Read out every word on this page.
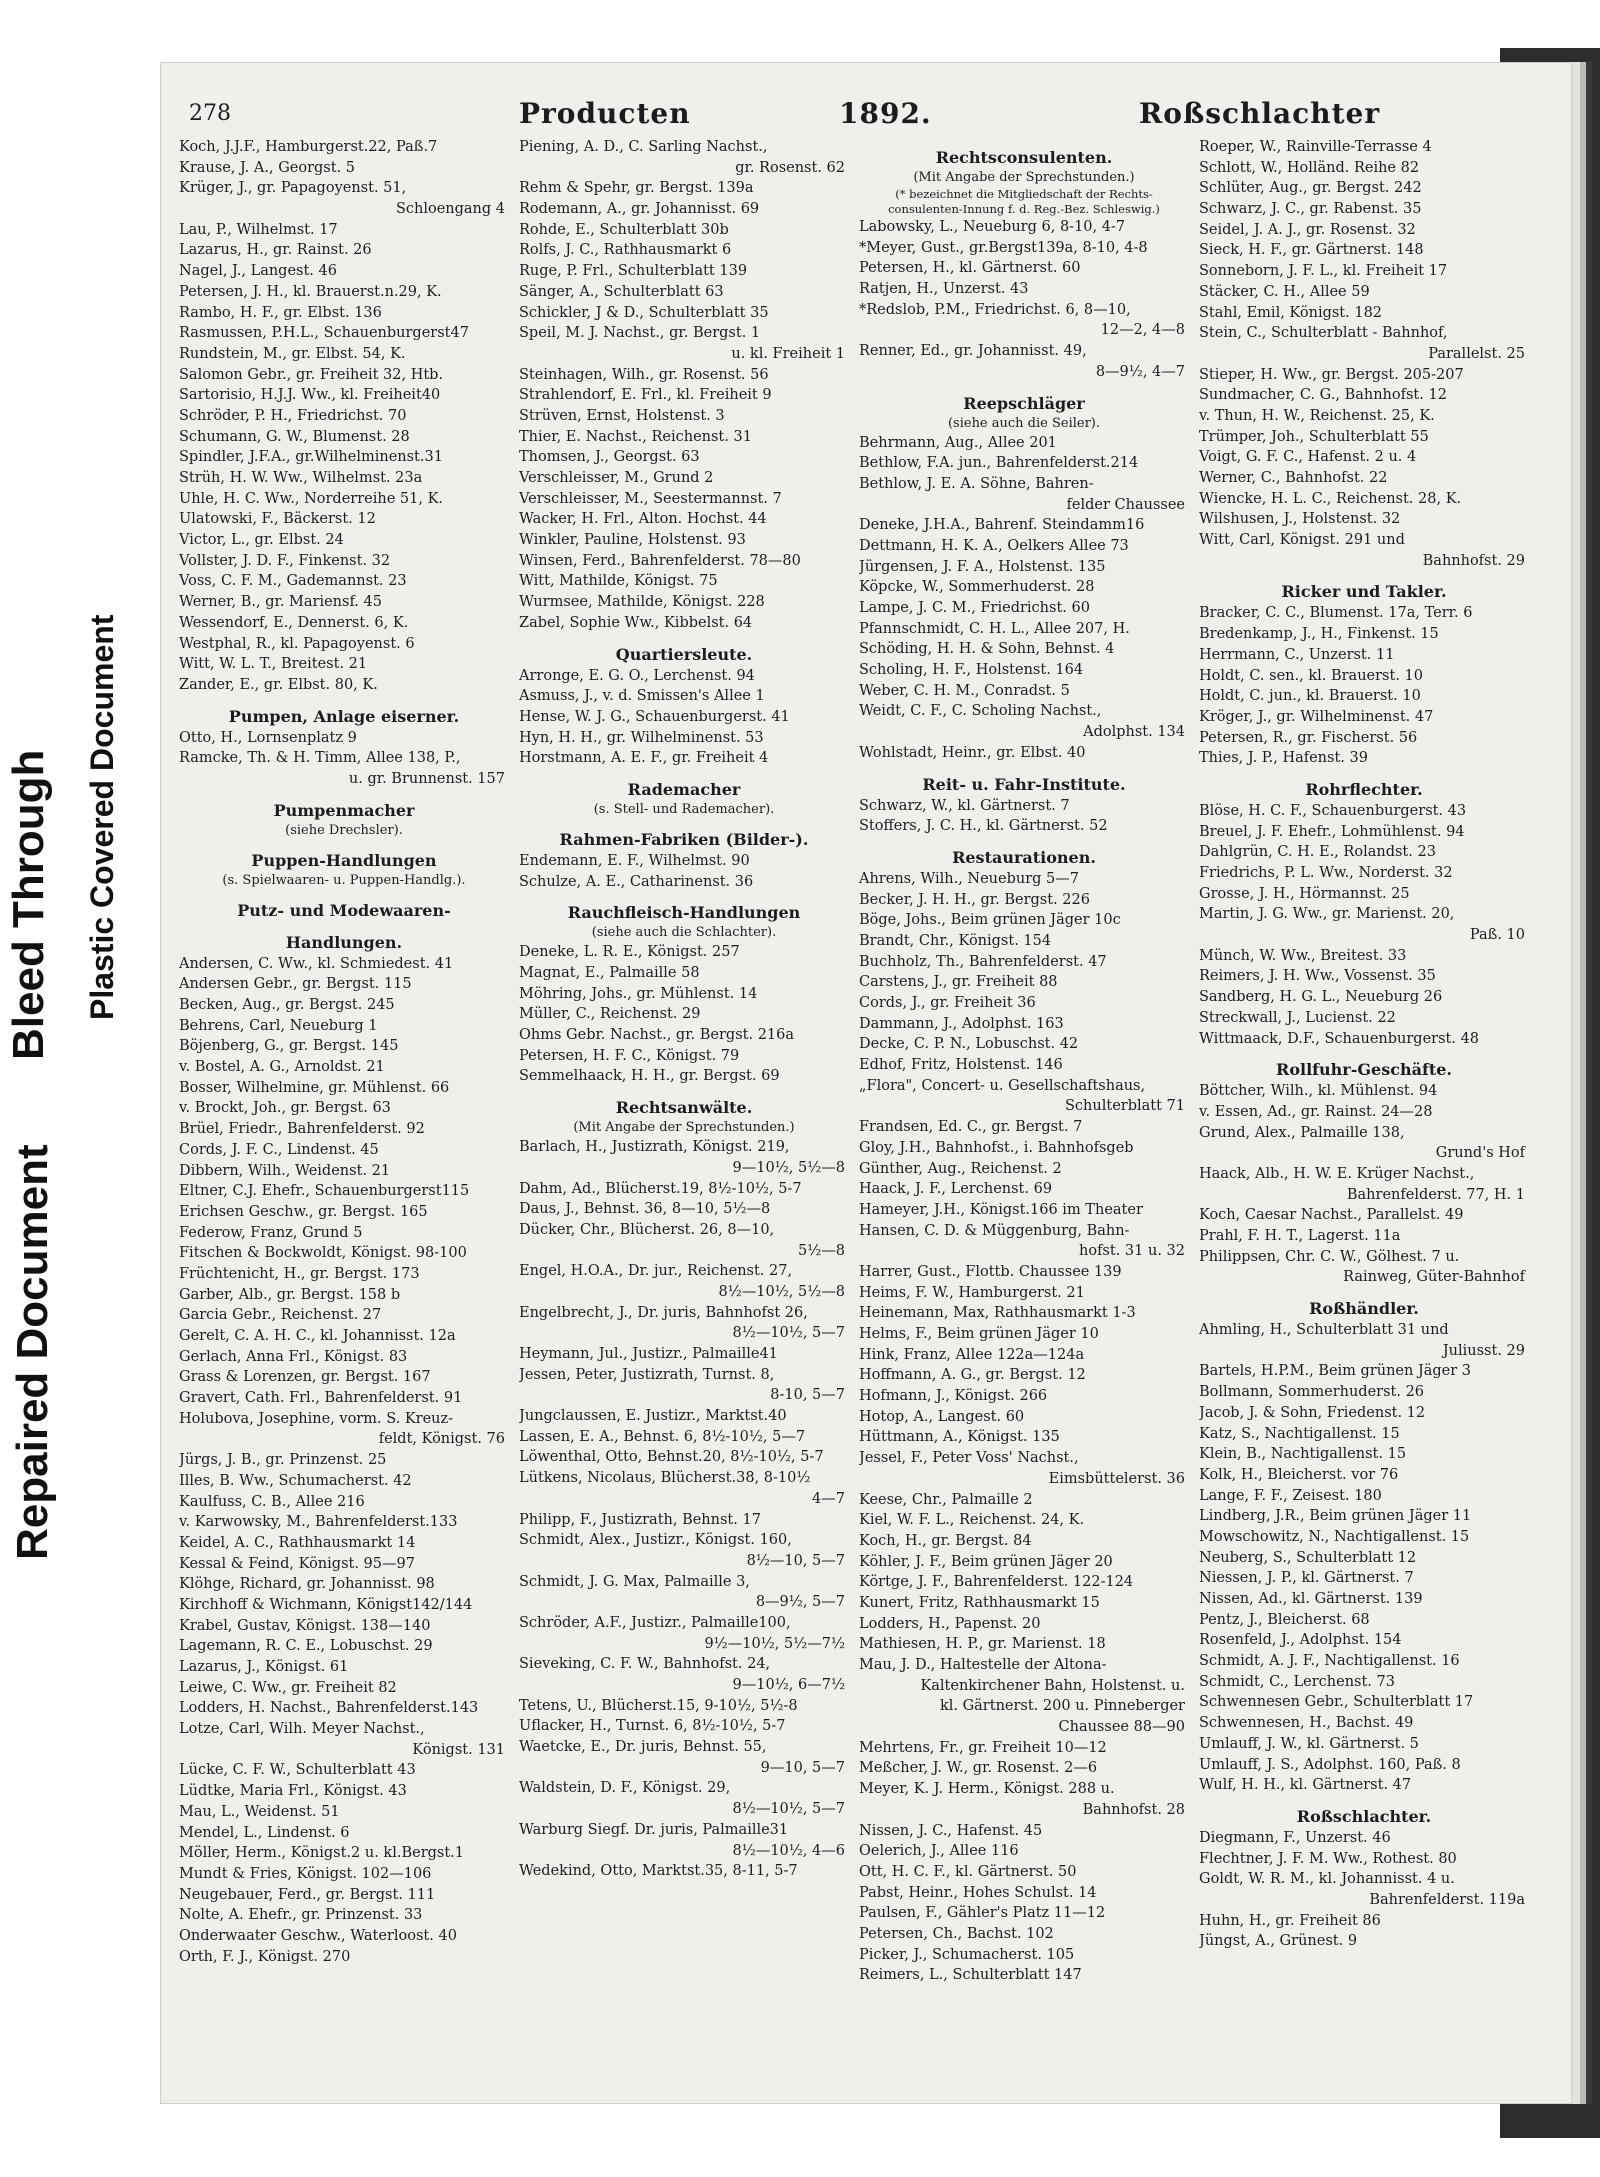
Bleed Through
Repaired Document
Plastic Covered Document
278	Producten	1892.	Roßschlachter
Koch, J.J.F., Hamburgerst.22, Paß.7
Krause, J. A., Georgst. 5
Krüger, J., gr. Papagoyenst. 51,
Schloengang 4
Lau, P., Wilhelmst. 17
Lazarus, H., gr. Rainst. 26
Nagel, J., Langest. 46
Petersen, J. H., kl. Brauerst.n.29, K.
Rambo, H. F., gr. Elbst. 136
Rasmussen, P.H.L., Schauenburgerst47
Rundstein, M., gr. Elbst. 54, K.
Salomon Gebr., gr. Freiheit 32, Htb.
Sartorisio, H.J.J. Ww., kl. Freiheit40
Schröder, P. H., Friedrichst. 70
Schumann, G. W., Blumenst. 28
Spindler, J.F.A., gr.Wilhelminenst.31
Strüh, H. W. Ww., Wilhelmst. 23a
Uhle, H. C. Ww., Norderreihe 51, K.
Ulatowski, F., Bäckerst. 12
Victor, L., gr. Elbst. 24
Vollster, J. D. F., Finkenst. 32
Voss, C. F. M., Gademannst. 23
Werner, B., gr. Mariensf. 45
Wessendorf, E., Dennerst. 6, K.
Westphal, R., kl. Papagoyenst. 6
Witt, W. L. T., Breitest. 21
Zander, E., gr. Elbst. 80, K.
Pumpen, Anlage eiserner.
Otto, H., Lornsenplatz 9
Ramcke, Th. & H. Timm, Allee 138, P.,
u. gr. Brunnenst. 157
Pumpenmacher
(siehe Drechsler).
Puppen-Handlungen
(s. Spielwaaren- u. Puppen-Handlg.).
Putz- und Modewaaren-
Handlungen.
Andersen, C. Ww., kl. Schmiedest. 41
Andersen Gebr., gr. Bergst. 115
Becken, Aug., gr. Bergst. 245
Behrens, Carl, Neueburg 1
Böjenberg, G., gr. Bergst. 145
v. Bostel, A. G., Arnoldst. 21
Bosser, Wilhelmine, gr. Mühlenst. 66
v. Brockt, Joh., gr. Bergst. 63
Brüel, Friedr., Bahrenfelderst. 92
Cords, J. F. C., Lindenst. 45
Dibbern, Wilh., Weidenst. 21
Eltner, C.J. Ehefr., Schauenburgerst115
Erichsen Geschw., gr. Bergst. 165
Federow, Franz, Grund 5
Fitschen & Bockwoldt, Königst. 98-100
Früchtenicht, H., gr. Bergst. 173
Garber, Alb., gr. Bergst. 158 b
Garcia Gebr., Reichenst. 27
Gerelt, C. A. H. C., kl. Johannisst. 12a
Gerlach, Anna Frl., Königst. 83
Grass & Lorenzen, gr. Bergst. 167
Gravert, Cath. Frl., Bahrenfelderst. 91
Holubova, Josephine, vorm. S. Kreuz-
feldt, Königst. 76
Jürgs, J. B., gr. Prinzenst. 25
Illes, B. Ww., Schumacherst. 42
Kaulfuss, C. B., Allee 216
v. Karwowsky, M., Bahrenfelderst.133
Keidel, A. C., Rathhausmarkt 14
Kessal & Feind, Königst. 95—97
Klöhge, Richard, gr. Johannisst. 98
Kirchhoff & Wichmann, Königst142/144
Krabel, Gustav, Königst. 138—140
Lagemann, R. C. E., Lobuschst. 29
Lazarus, J., Königst. 61
Leiwe, C. Ww., gr. Freiheit 82
Lodders, H. Nachst., Bahrenfelderst.143
Lotze, Carl, Wilh. Meyer Nachst.,
Königst. 131
Lücke, C. F. W., Schulterblatt 43
Lüdtke, Maria Frl., Königst. 43
Mau, L., Weidenst. 51
Mendel, L., Lindenst. 6
Möller, Herm., Königst.2 u. kl.Bergst.1
Mundt & Fries, Königst. 102—106
Neugebauer, Ferd., gr. Bergst. 111
Nolte, A. Ehefr., gr. Prinzenst. 33
Onderwaater Geschw., Waterloost. 40
Orth, F. J., Königst. 270
Piening, A. D., C. Sarling Nachst.,
gr. Rosenst. 62
Rehm & Spehr, gr. Bergst. 139a
Rodemann, A., gr. Johannisst. 69
Rohde, E., Schulterblatt 30b
Rolfs, J. C., Rathhausmarkt 6
Ruge, P. Frl., Schulterblatt 139
Sänger, A., Schulterblatt 63
Schickler, J & D., Schulterblatt 35
Speil, M. J. Nachst., gr. Bergst. 1
u. kl. Freiheit 1
Steinhagen, Wilh., gr. Rosenst. 56
Strahlendorf, E. Frl., kl. Freiheit 9
Strüven, Ernst, Holstenst. 3
Thier, E. Nachst., Reichenst. 31
Thomsen, J., Georgst. 63
Verschleisser, M., Grund 2
Verschleisser, M., Seestermannst. 7
Wacker, H. Frl., Alton. Hochst. 44
Winkler, Pauline, Holstenst. 93
Winsen, Ferd., Bahrenfelderst. 78—80
Witt, Mathilde, Königst. 75
Wurmsee, Mathilde, Königst. 228
Zabel, Sophie Ww., Kibbelst. 64
Quartiersleute.
Arronge, E. G. O., Lerchenst. 94
Asmuss, J., v. d. Smissen's Allee 1
Hense, W. J. G., Schauenburgerst. 41
Hyn, H. H., gr. Wilhelminenst. 53
Horstmann, A. E. F., gr. Freiheit 4
Rademacher
(s. Stell- und Rademacher).
Rahmen-Fabriken (Bilder-).
Endemann, E. F., Wilhelmst. 90
Schulze, A. E., Catharinenst. 36
Rauchfleisch-Handlungen
(siehe auch die Schlachter).
Deneke, L. R. E., Königst. 257
Magnat, E., Palmaille 58
Möhring, Johs., gr. Mühlenst. 14
Müller, C., Reichenst. 29
Ohms Gebr. Nachst., gr. Bergst. 216a
Petersen, H. F. C., Königst. 79
Semmelhaack, H. H., gr. Bergst. 69
Rechtsanwälte.
(Mit Angabe der Sprechstunden.)
Barlach, H., Justizrath, Königst. 219,
9—10½, 5½—8
Dahm, Ad., Blücherst.19, 8½-10½, 5-7
Daus, J., Behnst. 36, 8—10, 5½—8
Dücker, Chr., Blücherst. 26, 8—10,
5½—8
Engel, H.O.A., Dr. jur., Reichenst. 27,
8½—10½, 5½—8
Engelbrecht, J., Dr. juris, Bahnhofst 26,
8½—10½, 5—7
Heymann, Jul., Justizr., Palmaille41
Jessen, Peter, Justizrath, Turnst. 8,
8-10, 5—7
Jungclaussen, E. Justizr., Marktst.40
Lassen, E. A., Behnst. 6, 8½-10½, 5—7
Löwenthal, Otto, Behnst.20, 8½-10½, 5-7
Lütkens, Nicolaus, Blücherst.38, 8-10½
4—7
Philipp, F., Justizrath, Behnst. 17
Schmidt, Alex., Justizr., Königst. 160,
8½—10, 5—7
Schmidt, J. G. Max, Palmaille 3,
8—9½, 5—7
Schröder, A.F., Justizr., Palmaille100,
9½—10½, 5½—7½
Sieveking, C. F. W., Bahnhofst. 24,
9—10½, 6—7½
Tetens, U., Blücherst.15, 9-10½, 5½-8
Uflacker, H., Turnst. 6, 8½-10½, 5-7
Waetcke, E., Dr. juris, Behnst. 55,
9—10, 5—7
Waldstein, D. F., Königst. 29,
8½—10½, 5—7
Warburg Siegf. Dr. juris, Palmaille31
8½—10½, 4—6
Wedekind, Otto, Marktst.35, 8-11, 5-7
Rechtsconsulenten.
(Mit Angabe der Sprechstunden.)
(* bezeichnet die Mitgliedschaft der Rechts-
consulenten-Innung f. d. Reg.-Bez. Schleswig.)
Labowsky, L., Neueburg 6, 8-10, 4-7
*Meyer, Gust., gr.Bergst139a, 8-10, 4-8
Petersen, H., kl. Gärtnerst. 60
Ratjen, H., Unzerst. 43
*Redslob, P.M., Friedrichst. 6, 8—10,
12—2, 4—8
Renner, Ed., gr. Johannisst. 49,
8—9½, 4—7
Reepschläger
(siehe auch die Seiler).
Behrmann, Aug., Allee 201
Bethlow, F.A. jun., Bahrenfelderst.214
Bethlow, J. E. A. Söhne, Bahren-
felder Chaussee
Deneke, J.H.A., Bahrenf. Steindamm16
Dettmann, H. K. A., Oelkers Allee 73
Jürgensen, J. F. A., Holstenst. 135
Köpcke, W., Sommerhuderst. 28
Lampe, J. C. M., Friedrichst. 60
Pfannschmidt, C. H. L., Allee 207, H.
Schöding, H. H. & Sohn, Behnst. 4
Scholing, H. F., Holstenst. 164
Weber, C. H. M., Conradst. 5
Weidt, C. F., C. Scholing Nachst.,
Adolphst. 134
Wohlstadt, Heinr., gr. Elbst. 40
Reit- u. Fahr-Institute.
Schwarz, W., kl. Gärtnerst. 7
Stoffers, J. C. H., kl. Gärtnerst. 52
Restaurationen.
Ahrens, Wilh., Neueburg 5—7
Becker, J. H. H., gr. Bergst. 226
Böge, Johs., Beim grünen Jäger 10c
Brandt, Chr., Königst. 154
Buchholz, Th., Bahrenfelderst. 47
Carstens, J., gr. Freiheit 88
Cords, J., gr. Freiheit 36
Dammann, J., Adolphst. 163
Decke, C. P. N., Lobuschst. 42
Edhof, Fritz, Holstenst. 146
„Flora", Concert- u. Gesellschaftshaus,
Schulterblatt 71
Frandsen, Ed. C., gr. Bergst. 7
Gloy, J.H., Bahnhofst., i. Bahnhofsgeb
Günther, Aug., Reichenst. 2
Haack, J. F., Lerchenst. 69
Hameyer, J.H., Königst.166 im Theater
Hansen, C. D. & Müggenburg, Bahn-
hofst. 31 u. 32
Harrer, Gust., Flottb. Chaussee 139
Heims, F. W., Hamburgerst. 21
Heinemann, Max, Rathhausmarkt 1-3
Helms, F., Beim grünen Jäger 10
Hink, Franz, Allee 122a—124a
Hoffmann, A. G., gr. Bergst. 12
Hofmann, J., Königst. 266
Hotop, A., Langest. 60
Hüttmann, A., Königst. 135
Jessel, F., Peter Voss' Nachst.,
Eimsbüttelerst. 36
Keese, Chr., Palmaille 2
Kiel, W. F. L., Reichenst. 24, K.
Koch, H., gr. Bergst. 84
Köhler, J. F., Beim grünen Jäger 20
Körtge, J. F., Bahrenfelderst. 122-124
Kunert, Fritz, Rathhausmarkt 15
Lodders, H., Papenst. 20
Mathiesen, H. P., gr. Marienst. 18
Mau, J. D., Haltestelle der Altona-
Kaltenkirchener Bahn, Holstenst. u.
kl. Gärtnerst. 200 u. Pinneberger
Chaussee 88—90
Mehrtens, Fr., gr. Freiheit 10—12
Meßcher, J. W., gr. Rosenst. 2—6
Meyer, K. J. Herm., Königst. 288 u.
Bahnhofst. 28
Nissen, J. C., Hafenst. 45
Oelerich, J., Allee 116
Ott, H. C. F., kl. Gärtnerst. 50
Pabst, Heinr., Hohes Schulst. 14
Paulsen, F., Gähler's Platz 11—12
Petersen, Ch., Bachst. 102
Picker, J., Schumacherst. 105
Reimers, L., Schulterblatt 147
Roeper, W., Rainville-Terrasse 4
Schlott, W., Holländ. Reihe 82
Schlüter, Aug., gr. Bergst. 242
Schwarz, J. C., gr. Rabenst. 35
Seidel, J. A. J., gr. Rosenst. 32
Sieck, H. F., gr. Gärtnerst. 148
Sonneborn, J. F. L., kl. Freiheit 17
Stäcker, C. H., Allee 59
Stahl, Emil, Königst. 182
Stein, C., Schulterblatt - Bahnhof,
Parallelst. 25
Stieper, H. Ww., gr. Bergst. 205-207
Sundmacher, C. G., Bahnhofst. 12
v. Thun, H. W., Reichenst. 25, K.
Trümper, Joh., Schulterblatt 55
Voigt, G. F. C., Hafenst. 2 u. 4
Werner, C., Bahnhofst. 22
Wiencke, H. L. C., Reichenst. 28, K.
Wilshusen, J., Holstenst. 32
Witt, Carl, Königst. 291 und
Bahnhofst. 29
Ricker und Takler.
Bracker, C. C., Blumenst. 17a, Terr. 6
Bredenkamp, J., H., Finkenst. 15
Herrmann, C., Unzerst. 11
Holdt, C. sen., kl. Brauerst. 10
Holdt, C. jun., kl. Brauerst. 10
Kröger, J., gr. Wilhelminenst. 47
Petersen, R., gr. Fischerst. 56
Thies, J. P., Hafenst. 39
Rohrflechter.
Blöse, H. C. F., Schauenburgerst. 43
Breuel, J. F. Ehefr., Lohmühlenst. 94
Dahlgrün, C. H. E., Rolandst. 23
Friedrichs, P. L. Ww., Norderst. 32
Grosse, J. H., Hörmannst. 25
Martin, J. G. Ww., gr. Marienst. 20,
Paß. 10
Münch, W. Ww., Breitest. 33
Reimers, J. H. Ww., Vossenst. 35
Sandberg, H. G. L., Neueburg 26
Streckwall, J., Lucienst. 22
Wittmaack, D.F., Schauenburgerst. 48
Rollfuhr-Geschäfte.
Böttcher, Wilh., kl. Mühlenst. 94
v. Essen, Ad., gr. Rainst. 24—28
Grund, Alex., Palmaille 138,
Grund's Hof
Haack, Alb., H. W. E. Krüger Nachst.,
Bahrenfelderst. 77, H. 1
Koch, Caesar Nachst., Parallelst. 49
Prahl, F. H. T., Lagerst. 11a
Philippsen, Chr. C. W., Gölhest. 7 u.
Rainweg, Güter-Bahnhof
Roßhändler.
Ahmling, H., Schulterblatt 31 und
Juliusst. 29
Bartels, H.P.M., Beim grünen Jäger 3
Bollmann, Sommerhuderst. 26
Jacob, J. & Sohn, Friedenst. 12
Katz, S., Nachtigallenst. 15
Klein, B., Nachtigallenst. 15
Kolk, H., Bleicherst. vor 76
Lange, F. F., Zeisest. 180
Lindberg, J.R., Beim grünen Jäger 11
Mowschowitz, N., Nachtigallenst. 15
Neuberg, S., Schulterblatt 12
Niessen, J. P., kl. Gärtnerst. 7
Nissen, Ad., kl. Gärtnerst. 139
Pentz, J., Bleicherst. 68
Rosenfeld, J., Adolphst. 154
Schmidt, A. J. F., Nachtigallenst. 16
Schmidt, C., Lerchenst. 73
Schwennesen Gebr., Schulterblatt 17
Schwennesen, H., Bachst. 49
Umlauff, J. W., kl. Gärtnerst. 5
Umlauff, J. S., Adolphst. 160, Paß. 8
Wulf, H. H., kl. Gärtnerst. 47
Roßschlachter.
Diegmann, F., Unzerst. 46
Flechtner, J. F. M. Ww., Rothest. 80
Goldt, W. R. M., kl. Johannisst. 4 u.
Bahrenfelderst. 119a
Huhn, H., gr. Freiheit 86
Jüngst, A., Grünest. 9
